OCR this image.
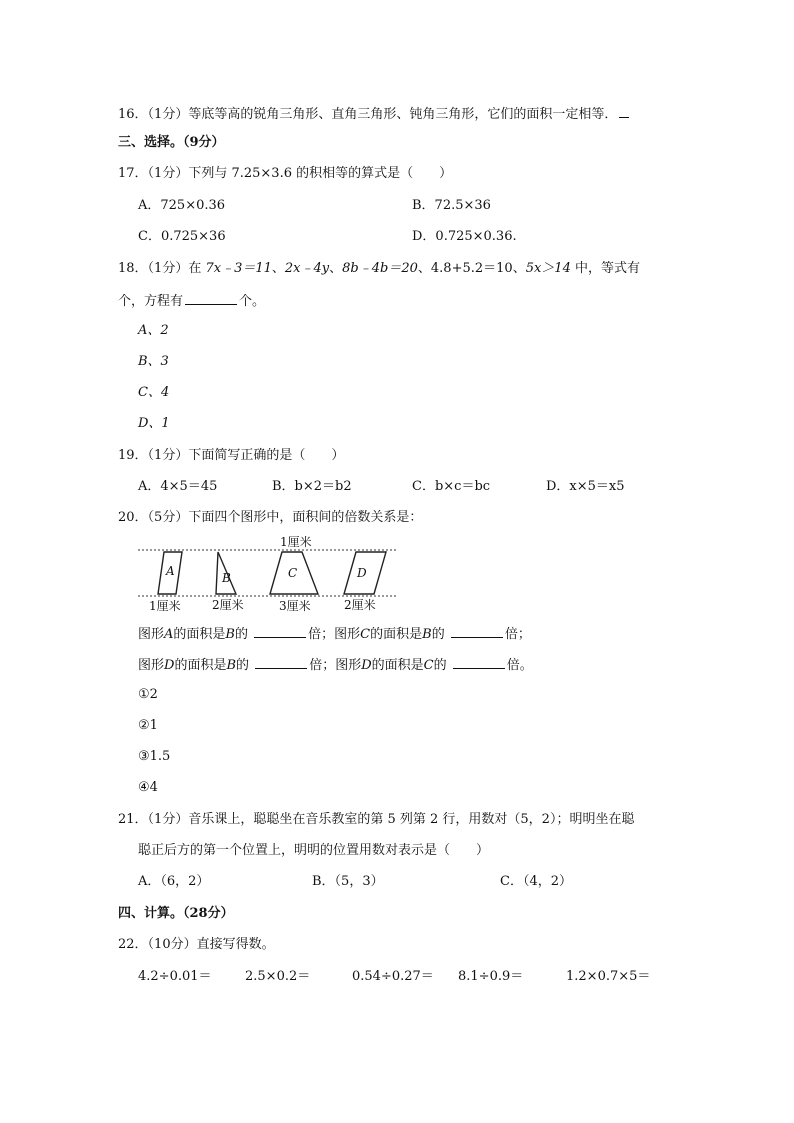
16．（1分）等底等高的锐角三角形、直角三角形、钝角三角形，它们的面积一定相等．
三、选择。（9分）
17．（1分）下列与 7.25×3.6 的积相等的算式是（　　）
A．725×0.36	B．72.5×36
C．0.725×36	D．0.725×0.36.
18．（1分）在 7x﹣3＝11、2x﹣4y、8b﹣4b＝20、4.8+5.2＝10、5x＞14 中，等式有
个，方程有	个。
A、2
B、3
C、4
D、1
19．（1分）下面简写正确的是（　　）
A．4×5＝45	B．b×2＝b2	C．b×c＝bc	D．x×5＝x5
20．（5分）下面四个图形中，面积间的倍数关系是：
1厘米
A	B	C	D
1厘米	2厘米	3厘米	2厘米
图形A的面积是B的	倍；图形C的面积是B的	倍；
图形D的面积是B的	倍；图形D的面积是C的	倍。
①2
②1
③1.5
④4
21．（1分）音乐课上，聪聪坐在音乐教室的第 5 列第 2 行，用数对（5，2）；明明坐在聪
聪正后方的第一个位置上，明明的位置用数对表示是（　　）
A．（6，2）	B．（5，3）	C．（4，2）
四、计算。（28分）
22．（10分）直接写得数。
4.2÷0.01＝	2.5×0.2＝	0.54÷0.27＝ 8.1÷0.9＝	1.2×0.7×5＝
